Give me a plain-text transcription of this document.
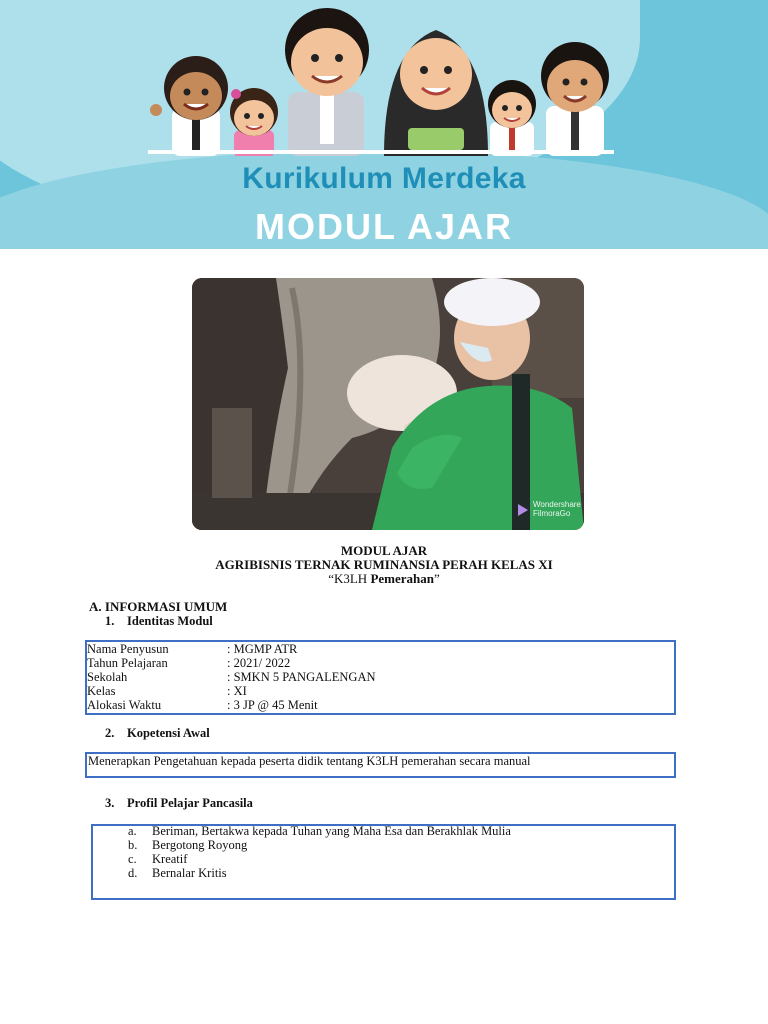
Kurikulum Merdeka
MODUL AJAR
Wondershare
FilmoraGo
MODUL AJAR
AGRIBISNIS TERNAK RUMINANSIA PERAH KELAS XI
“K3LH Pemerahan”
A. INFORMASI UMUM
1. Identitas Modul
Nama Penyusun	: MGMP ATR
Tahun Pelajaran	: 2021/ 2022
Sekolah	: SMKN 5 PANGALENGAN
Kelas	: XI
Alokasi Waktu	: 3 JP @ 45 Menit
2. Kopetensi Awal
Menerapkan Pengetahuan kepada peserta didik tentang K3LH pemerahan secara manual
3. Profil Pelajar Pancasila
a. Beriman, Bertakwa kepada Tuhan yang Maha Esa dan Berakhlak Mulia
b. Bergotong Royong
c. Kreatif
d. Bernalar Kritis
